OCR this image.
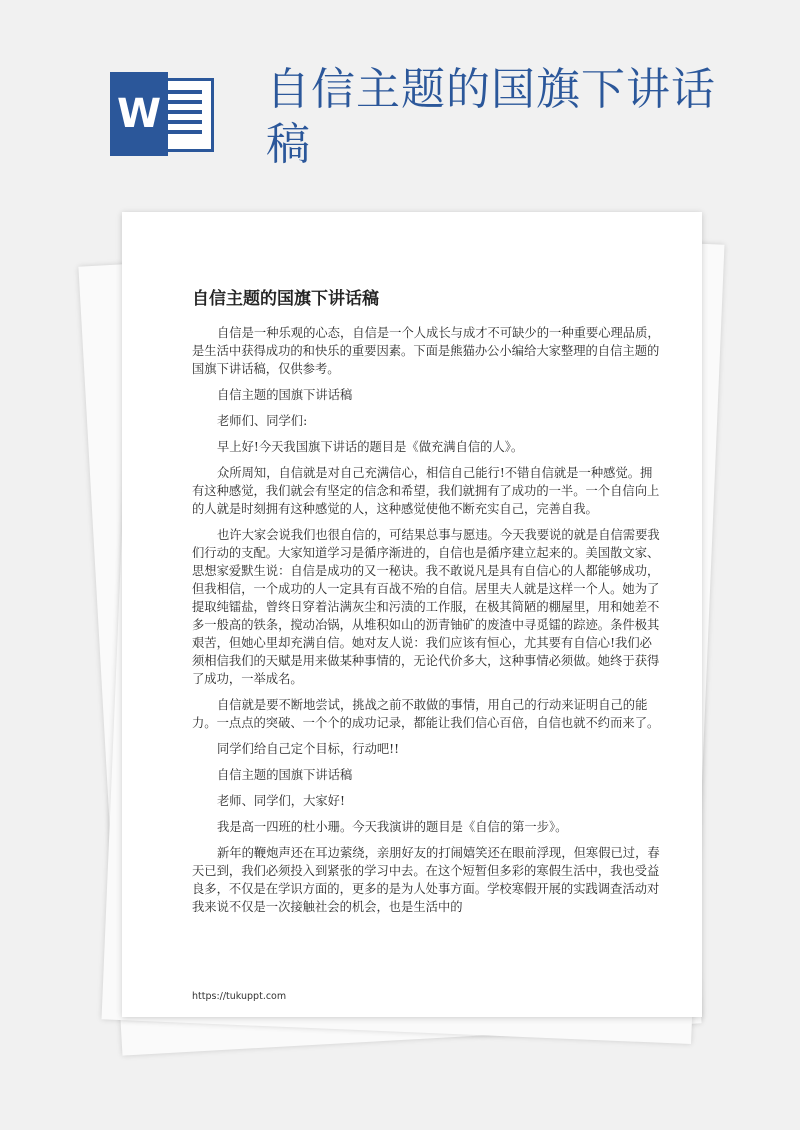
W 自信主题的国旗下讲话稿
自信主题的国旗下讲话稿

自信是一种乐观的心态，自信是一个人成长与成才不可缺少的一种重要心理品质，是生活中获得成功的和快乐的重要因素。下面是熊猫办公小编给大家整理的自信主题的国旗下讲话稿，仅供参考。

自信主题的国旗下讲话稿

老师们、同学们:

早上好!今天我国旗下讲话的题目是《做充满自信的人》。

众所周知，自信就是对自己充满信心，相信自己能行!不错自信就是一种感觉。拥有这种感觉，我们就会有坚定的信念和希望，我们就拥有了成功的一半。一个自信向上的人就是时刻拥有这种感觉的人，这种感觉使他不断充实自己，完善自我。

也许大家会说我们也很自信的，可结果总事与愿违。今天我要说的就是自信需要我们行动的支配。大家知道学习是循序渐进的，自信也是循序建立起来的。美国散文家、思想家爱默生说：自信是成功的又一秘诀。我不敢说凡是具有自信心的人都能够成功，但我相信，一个成功的人一定具有百战不殆的自信。居里夫人就是这样一个人。她为了提取纯镭盐，曾终日穿着沾满灰尘和污渍的工作服，在极其简陋的棚屋里，用和她差不多一般高的铁条，搅动冶锅，从堆积如山的沥青铀矿的废渣中寻觅镭的踪迹。条件极其艰苦，但她心里却充满自信。她对友人说：我们应该有恒心，尤其要有自信心!我们必须相信我们的天赋是用来做某种事情的，无论代价多大，这种事情必须做。她终于获得了成功，一举成名。

自信就是要不断地尝试，挑战之前不敢做的事情，用自己的行动来证明自己的能力。一点点的突破、一个个的成功记录，都能让我们信心百倍，自信也就不约而来了。

同学们给自己定个目标，行动吧!!

自信主题的国旗下讲话稿

老师、同学们，大家好!

我是高一四班的杜小珊。今天我演讲的题目是《自信的第一步》。

新年的鞭炮声还在耳边萦绕，亲朋好友的打闹嬉笑还在眼前浮现，但寒假已过，春天已到，我们必须投入到紧张的学习中去。在这个短暂但多彩的寒假生活中，我也受益良多，不仅是在学识方面的，更多的是为人处事方面。学校寒假开展的实践调查活动对我来说不仅是一次接触社会的机会，也是生活中的

https://tukuppt.com
